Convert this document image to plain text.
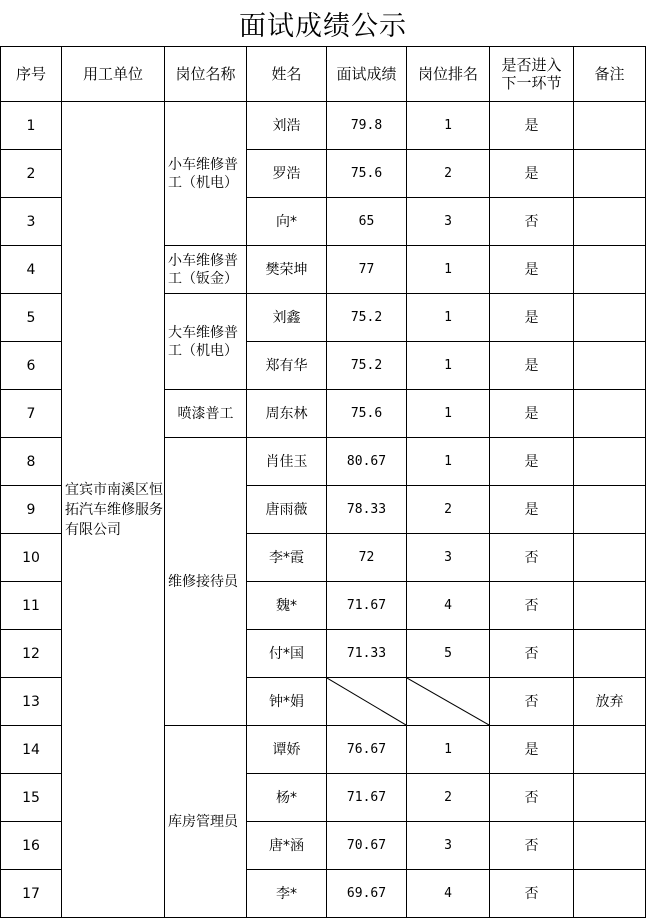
面试成绩公示
序号	用工单位	岗位名称	姓名	面试成绩	岗位排名	是否进入下一环节	备注
1	宜宾市南溪区恒拓汽车维修服务有限公司	小车维修普工（机电）	刘浩	79.8	1	是	
2			罗浩	75.6	2	是	
3			向*	65	3	否	
4		小车维修普工（钣金）	樊荣坤	77	1	是	
5		大车维修普工（机电）	刘鑫	75.2	1	是	
6			郑有华	75.2	1	是	
7		喷漆普工	周东林	75.6	1	是	
8		维修接待员	肖佳玉	80.67	1	是	
9			唐雨薇	78.33	2	是	
10			李*霞	72	3	否	
11			魏*	71.67	4	否	
12			付*国	71.33	5	否	
13			钟*娟			否	放弃
14		库房管理员	谭娇	76.67	1	是	
15			杨*	71.67	2	否	
16			唐*涵	70.67	3	否	
17			李*	69.67	4	否	
